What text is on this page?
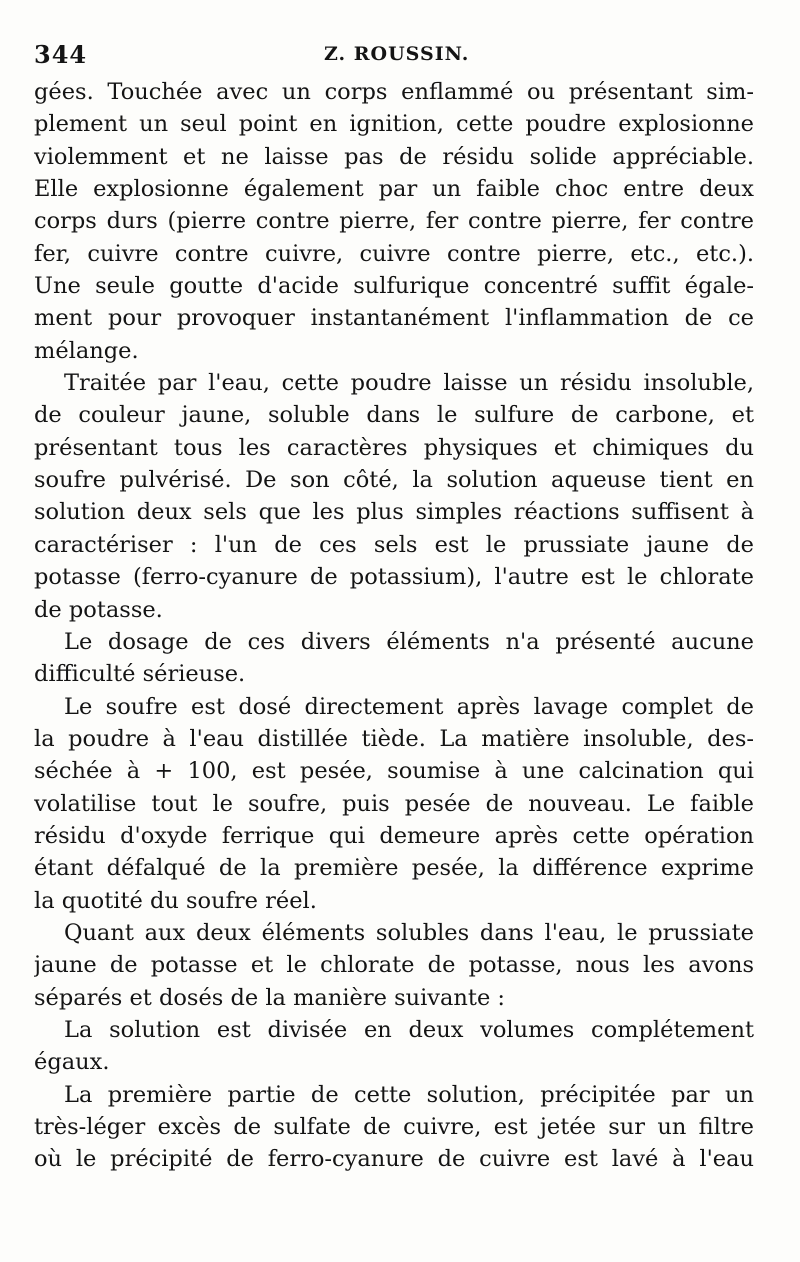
344	Z. ROUSSIN.
gées. Touchée avec un corps enflammé ou présentant sim-
plement un seul point en ignition, cette poudre explosionne
violemment et ne laisse pas de résidu solide appréciable.
Elle explosionne également par un faible choc entre deux
corps durs (pierre contre pierre, fer contre pierre, fer contre
fer, cuivre contre cuivre, cuivre contre pierre, etc., etc.).
Une seule goutte d'acide sulfurique concentré suffit égale-
ment pour provoquer instantanément l'inflammation de ce
mélange.
Traitée par l'eau, cette poudre laisse un résidu insoluble,
de couleur jaune, soluble dans le sulfure de carbone, et
présentant tous les caractères physiques et chimiques du
soufre pulvérisé. De son côté, la solution aqueuse tient en
solution deux sels que les plus simples réactions suffisent à
caractériser : l'un de ces sels est le prussiate jaune de
potasse (ferro-cyanure de potassium), l'autre est le chlorate
de potasse.
Le dosage de ces divers éléments n'a présenté aucune
difficulté sérieuse.
Le soufre est dosé directement après lavage complet de
la poudre à l'eau distillée tiède. La matière insoluble, des-
séchée à + 100, est pesée, soumise à une calcination qui
volatilise tout le soufre, puis pesée de nouveau. Le faible
résidu d'oxyde ferrique qui demeure après cette opération
étant défalqué de la première pesée, la différence exprime
la quotité du soufre réel.
Quant aux deux éléments solubles dans l'eau, le prussiate
jaune de potasse et le chlorate de potasse, nous les avons
séparés et dosés de la manière suivante :
La solution est divisée en deux volumes complétement
égaux.
La première partie de cette solution, précipitée par un
très-léger excès de sulfate de cuivre, est jetée sur un filtre
où le précipité de ferro-cyanure de cuivre est lavé à l'eau
